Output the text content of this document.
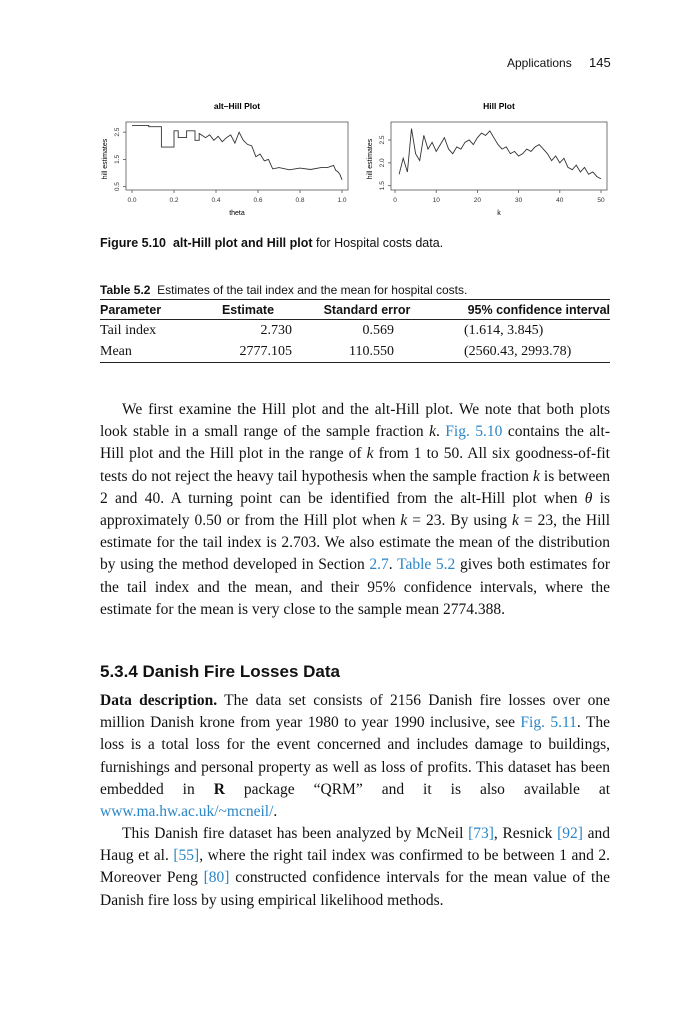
Applications 145
alt–Hill Plot
hill estimates
0.0	0.2	0.4	0.6	0.8	1.0
0.5
1.5
2.5
theta
Hill Plot
hill estimates
0	10	20	30	40	50
1.5
2.0
2.5
k
Figure 5.10 alt-Hill plot and Hill plot for Hospital costs data.
Table 5.2 Estimates of the tail index and the mean for hospital costs.
Parameter	Estimate	Standard error	95% confidence interval
Tail index	2.730	0.569	(1.614, 3.845)
Mean	2777.105	110.550	(2560.43, 2993.78)

We first examine the Hill plot and the alt-Hill plot. We note that both plots look stable in a small range of the sample fraction k. Fig. 5.10 contains the alt-Hill plot and the Hill plot in the range of k from 1 to 50. All six goodness-of-fit tests do not reject the heavy tail hypothesis when the sample fraction k is between 2 and 40. A turning point can be identified from the alt-Hill plot when θ is approximately 0.50 or from the Hill plot when k = 23. By using k = 23, the Hill estimate for the tail index is 2.703. We also estimate the mean of the distribution by using the method developed in Section 2.7. Table 5.2 gives both estimates for the tail index and the mean, and their 95% confidence intervals, where the estimate for the mean is very close to the sample mean 2774.388.

5.3.4 Danish Fire Losses Data

Data description. The data set consists of 2156 Danish fire losses over one million Danish krone from year 1980 to year 1990 inclusive, see Fig. 5.11. The loss is a total loss for the event concerned and includes damage to buildings, furnishings and personal property as well as loss of profits. This dataset has been embedded in R package “QRM” and it is also available at www.ma.hw.ac.uk/~mcneil/.

This Danish fire dataset has been analyzed by McNeil [73], Resnick [92] and Haug et al. [55], where the right tail index was confirmed to be between 1 and 2. Moreover Peng [80] constructed confidence intervals for the mean value of the Danish fire loss by using empirical likelihood methods.
